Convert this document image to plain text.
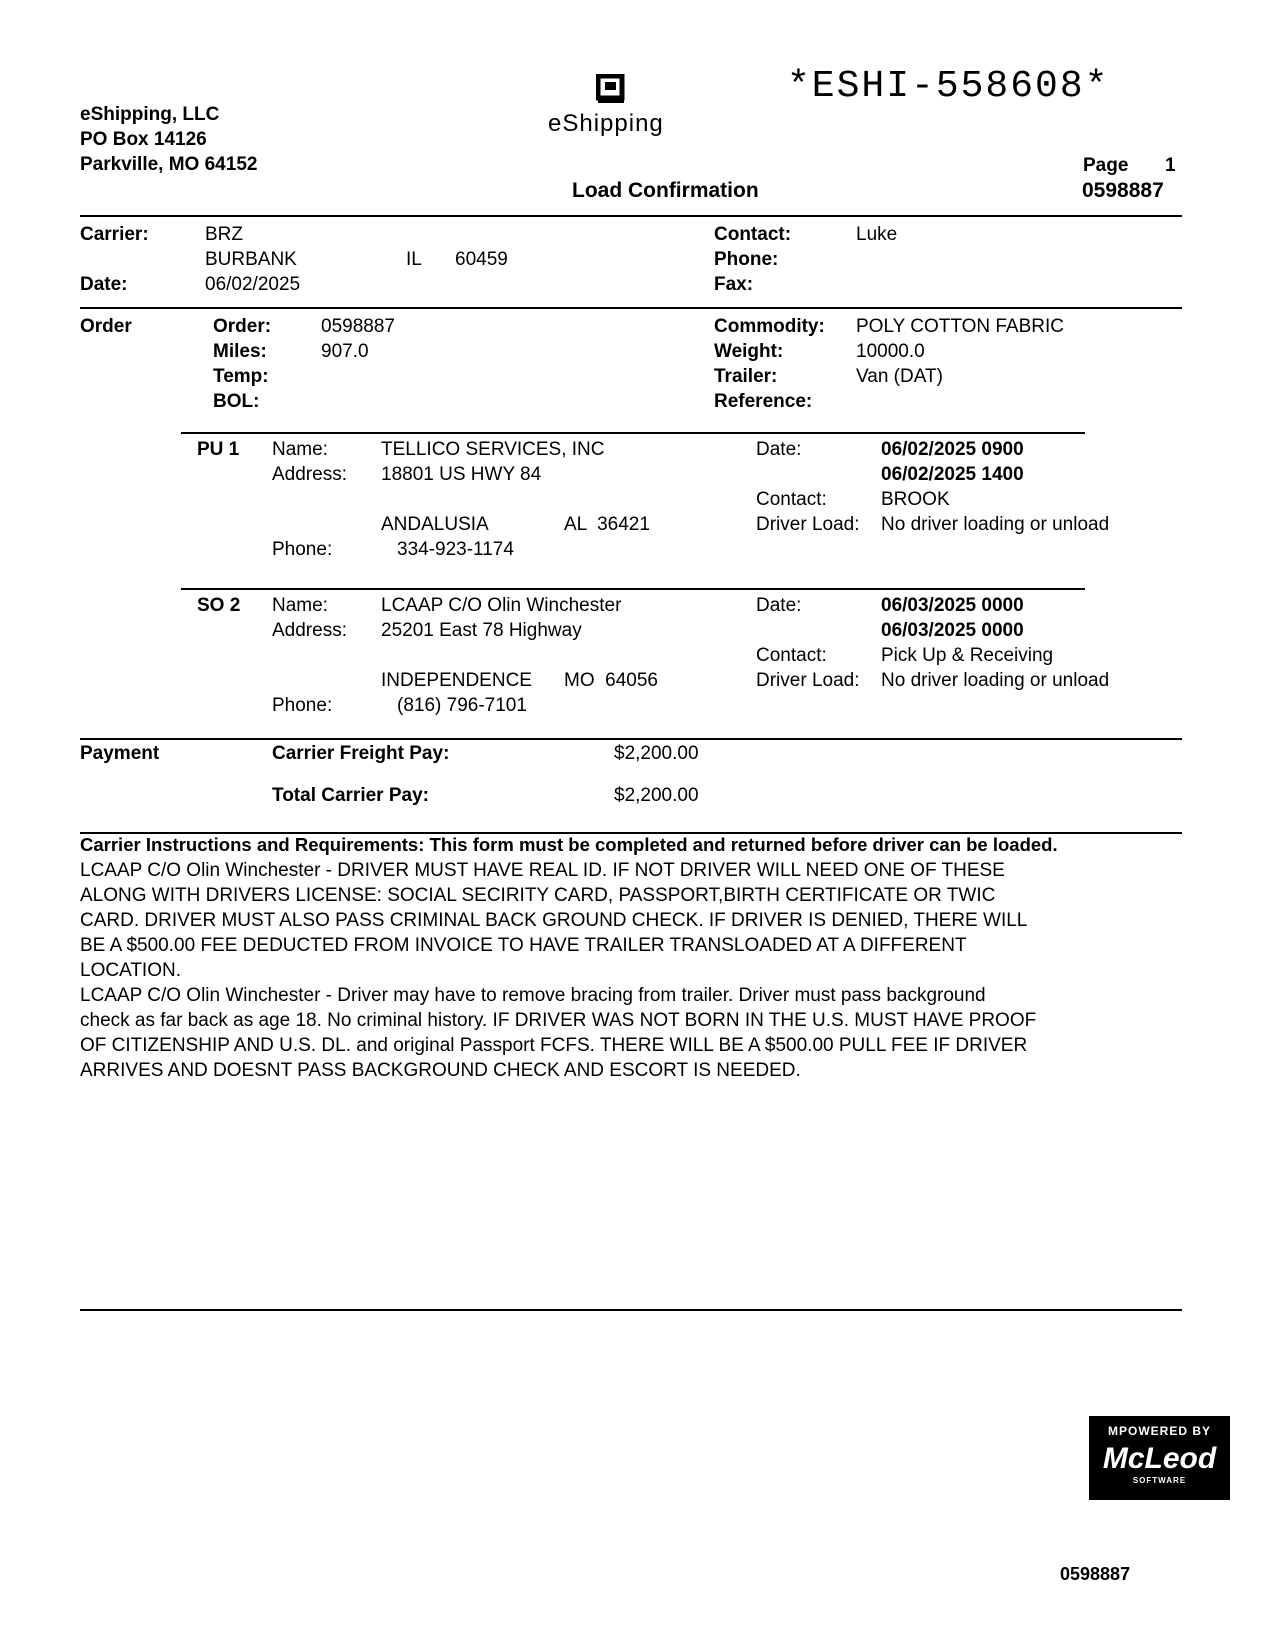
eShipping, LLC
PO Box 14126
Parkville, MO 64152
eShipping
*ESHI-558608*
Page 1
Load Confirmation	0598887
Carrier:	BRZ
BURBANK	IL 60459
Date:	06/02/2025
Contact:	Luke
Phone:
Fax:
Order	Order:	0598887
Miles:	907.0
Temp:
BOL:
Commodity: POLY COTTON FABRIC
Weight:	10000.0
Trailer:	Van (DAT)
Reference:
PU 1 Name:	TELLICO SERVICES, INC
Address: 18801 US HWY 84
ANDALUSIA	AL  36421
Phone:	334-923-1174
Date:	06/02/2025 0900
06/02/2025 1400
Contact:	BROOK
Driver Load: No driver loading or unload
SO 2 Name:	LCAAP C/O Olin Winchester
Address: 25201 East 78 Highway
INDEPENDENCE MO  64056
Phone:	(816) 796-7101
Date:	06/03/2025 0000
06/03/2025 0000
Contact:	Pick Up & Receiving
Driver Load: No driver loading or unload
Payment	Carrier Freight Pay:	$2,200.00
Total Carrier Pay:	$2,200.00
Carrier Instructions and Requirements: This form must be completed and returned before driver can be loaded.
LCAAP C/O Olin Winchester - DRIVER MUST HAVE REAL ID. IF NOT DRIVER WILL NEED ONE OF THESE
ALONG WITH DRIVERS LICENSE: SOCIAL SECIRITY CARD, PASSPORT,BIRTH CERTIFICATE OR TWIC
CARD. DRIVER MUST ALSO PASS CRIMINAL BACK GROUND CHECK. IF DRIVER IS DENIED, THERE WILL
BE A $500.00 FEE DEDUCTED FROM INVOICE TO HAVE TRAILER TRANSLOADED AT A DIFFERENT
LOCATION.
LCAAP C/O Olin Winchester - Driver may have to remove bracing from trailer. Driver must pass background
check as far back as age 18. No criminal history. IF DRIVER WAS NOT BORN IN THE U.S. MUST HAVE PROOF
OF CITIZENSHIP AND U.S. DL. and original Passport FCFS. THERE WILL BE A $500.00 PULL FEE IF DRIVER
ARRIVES AND DOESNT PASS BACKGROUND CHECK AND ESCORT IS NEEDED.
MPOWERED BY
McLeod
SOFTWARE
0598887
